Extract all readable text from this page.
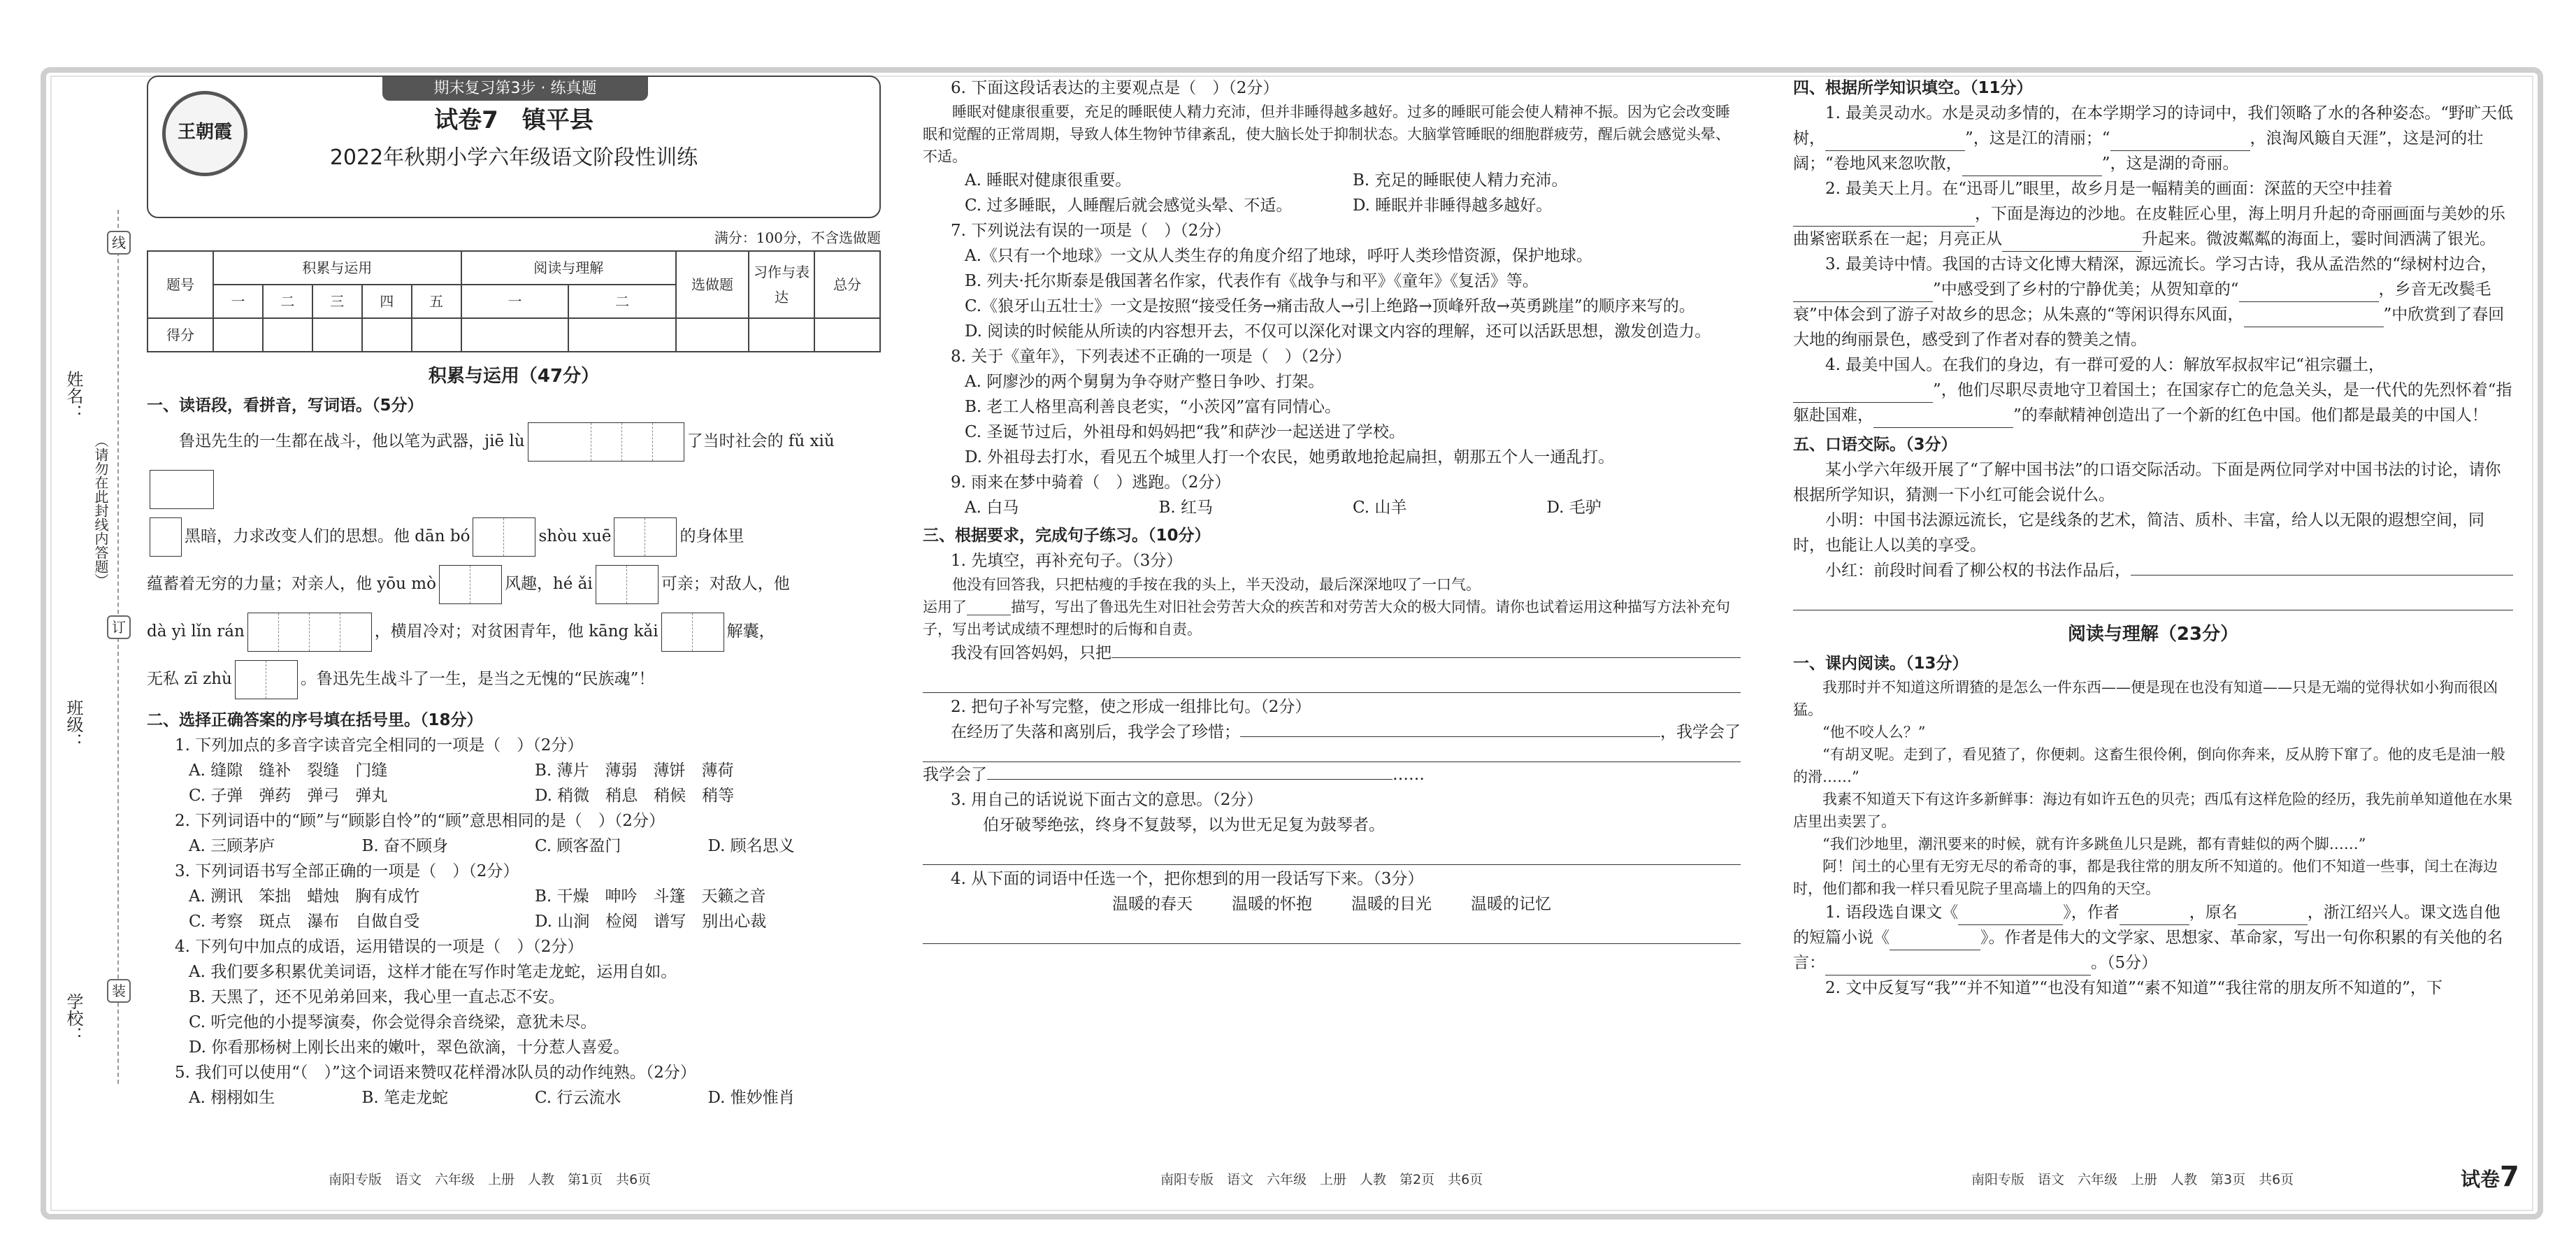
线
订
装
姓名：
班级：
学校：
（请勿在此封线内答题）
王朝霞
期末复习第3步 · 练真题
试卷7　镇平县
2022年秋期小学六年级语文阶段性训练
满分：100分，不含选做题
题号	积累与运用					阅读与理解		选做题	习作与表达	总分
	一	二	三	四	五	一	二			
得分										
积累与运用（47分）
一、读语段，看拼音，写词语。（5分）
鲁迅先生的一生都在战斗，他以笔为武器，jiē lù	了当时社会的 fǔ xiǔ
黑暗，力求改变人们的思想。他 dān bó	shòu xuē	的身体里
蕴蓄着无穷的力量；对亲人，他 yōu mò	风趣，hé ǎi	可亲；对敌人，他
dà yì lǐn rán	，横眉冷对；对贫困青年，他 kāng kǎi	解囊，
无私 zī zhù	。鲁迅先生战斗了一生，是当之无愧的“民族魂”！
二、选择正确答案的序号填在括号里。（18分）
1. 下列加点的多音字读音完全相同的一项是（　）（2分）
A. 缝隙　缝补　裂缝　门缝	B. 薄片　薄弱　薄饼　薄荷
C. 子弹　弹药　弹弓　弹丸	D. 稍微　稍息　稍候　稍等
2. 下列词语中的“顾”与“顾影自怜”的“顾”意思相同的是（　）（2分）
A. 三顾茅庐	B. 奋不顾身	C. 顾客盈门	D. 顾名思义
3. 下列词语书写全部正确的一项是（　）（2分）
A. 溯讯　笨拙　蜡烛　胸有成竹	B. 干燥　呻吟　斗篷　天籁之音
C. 考察　斑点　瀑布　自做自受	D. 山涧　检阅　谱写　别出心裁
4. 下列句中加点的成语，运用错误的一项是（　）（2分）
A. 我们要多积累优美词语，这样才能在写作时笔走龙蛇，运用自如。
B. 天黑了，还不见弟弟回来，我心里一直忐忑不安。
C. 听完他的小提琴演奏，你会觉得余音绕梁，意犹未尽。
D. 你看那杨树上刚长出来的嫩叶，翠色欲滴，十分惹人喜爱。
5. 我们可以使用“（　）”这个词语来赞叹花样滑冰队员的动作纯熟。（2分）
A. 栩栩如生	B. 笔走龙蛇	C. 行云流水	D. 惟妙惟肖
6. 下面这段话表达的主要观点是（　）（2分）
睡眠对健康很重要，充足的睡眠使人精力充沛，但并非睡得越多越好。过多的睡眠可能会使人精神不振。因为它会改变睡眠和觉醒的正常周期，导致人体生物钟节律紊乱，使大脑长处于抑制状态。大脑掌管睡眠的细胞群疲劳，醒后就会感觉头晕、不适。
A. 睡眠对健康很重要。	B. 充足的睡眠使人精力充沛。
C. 过多睡眠，人睡醒后就会感觉头晕、不适。	D. 睡眠并非睡得越多越好。
7. 下列说法有误的一项是（　）（2分）
A.《只有一个地球》一文从人类生存的角度介绍了地球，呼吁人类珍惜资源，保护地球。
B. 列夫·托尔斯泰是俄国著名作家，代表作有《战争与和平》《童年》《复活》等。
C.《狼牙山五壮士》一文是按照“接受任务→痛击敌人→引上绝路→顶峰歼敌→英勇跳崖”的顺序来写的。
D. 阅读的时候能从所读的内容想开去，不仅可以深化对课文内容的理解，还可以活跃思想，激发创造力。
8. 关于《童年》，下列表述不正确的一项是（　）（2分）
A. 阿廖沙的两个舅舅为争夺财产整日争吵、打架。
B. 老工人格里高利善良老实，“小茨冈”富有同情心。
C. 圣诞节过后，外祖母和妈妈把“我”和萨沙一起送进了学校。
D. 外祖母去打水，看见五个城里人打一个农民，她勇敢地抢起扁担，朝那五个人一通乱打。
9. 雨来在梦中骑着（　）逃跑。（2分）
A. 白马	B. 红马	C. 山羊	D. 毛驴
三、根据要求，完成句子练习。（10分）
1. 先填空，再补充句子。（3分）
他没有回答我，只把枯瘦的手按在我的头上，半天没动，最后深深地叹了一口气。
运用了______描写，写出了鲁迅先生对旧社会劳苦大众的疾苦和对劳苦大众的极大同情。请你也试着运用这种描写方法补充句子，写出考试成绩不理想时的后悔和自责。
我没有回答妈妈，只把
2. 把句子补写完整，使之形成一组排比句。（2分）
在经历了失落和离别后，我学会了珍惜；	，我学会了
我学会了	……
3. 用自己的话说说下面古文的意思。（2分）
伯牙破琴绝弦，终身不复鼓琴，以为世无足复为鼓琴者。
4. 从下面的词语中任选一个，把你想到的用一段话写下来。（3分）
温暖的春天 温暖的怀抱 温暖的目光 温暖的记忆
四、根据所学知识填空。（11分）
1. 最美灵动水。水是灵动多情的，在本学期学习的诗词中，我们领略了水的各种姿态。“野旷天低树，	”，这是江的清丽；“	，浪淘风簸自天涯”，这是河的壮阔；“卷地风来忽吹散，	”，这是湖的奇丽。
2. 最美天上月。在“迅哥儿”眼里，故乡月是一幅精美的画面：深蓝的天空中挂着，下面是海边的沙地。在皮鞋匠心里，海上明月升起的奇丽画面与美妙的乐曲紧密联系在一起；月亮正从	升起来。微波粼粼的海面上，霎时间洒满了银光。
3. 最美诗中情。我国的古诗文化博大精深，源远流长。学习古诗，我从孟浩然的“绿树村边合，”中感受到了乡村的宁静优美；从贺知章的“	，乡音无改鬓毛衰”中体会到了游子对故乡的思念；从朱熹的“等闲识得东风面，	”中欣赏到了春回大地的绚丽景色，感受到了作者对春的赞美之情。
4. 最美中国人。在我们的身边，有一群可爱的人：解放军叔叔牢记“祖宗疆土，”，他们尽职尽责地守卫着国土；在国家存亡的危急关头，是一代代的先烈怀着“指躯赴国难，	”的奉献精神创造出了一个新的红色中国。他们都是最美的中国人！
五、口语交际。（3分）
某小学六年级开展了“了解中国书法”的口语交际活动。下面是两位同学对中国书法的讨论，请你根据所学知识，猜测一下小红可能会说什么。
小明：中国书法源远流长，它是线条的艺术，简洁、质朴、丰富，给人以无限的遐想空间，同时，也能让人以美的享受。
小红：前段时间看了柳公权的书法作品后，
阅读与理解（23分）
一、课内阅读。（13分）
我那时并不知道这所谓猹的是怎么一件东西——便是现在也没有知道——只是无端的觉得状如小狗而很凶猛。
“他不咬人么？”
“有胡叉呢。走到了，看见猹了，你便刺。这畜生很伶俐，倒向你奔来，反从胯下窜了。他的皮毛是油一般的滑……”
我素不知道天下有这许多新鲜事：海边有如许五色的贝壳；西瓜有这样危险的经历，我先前单知道他在水果店里出卖罢了。
“我们沙地里，潮汛要来的时候，就有许多跳鱼儿只是跳，都有青蛙似的两个脚……”
阿！闰土的心里有无穷无尽的希奇的事，都是我往常的朋友所不知道的。他们不知道一些事，闰土在海边时，他们都和我一样只看见院子里高墙上的四角的天空。
1. 语段选自课文《	》，作者	，原名	，浙江绍兴人。课文选自他的短篇小说《	》。作者是伟大的文学家、思想家、革命家，写出一句你积累的有关他的名言：	。（5分）
2. 文中反复写“我”“并不知道”“也没有知道”“素不知道”“我往常的朋友所不知道的”，下
南阳专版　语文　六年级　上册　人教　第1页　共6页	南阳专版　语文　六年级　上册　人教　第2页　共6页	南阳专版　语文　六年级　上册　人教　第3页　共6页	试卷7
